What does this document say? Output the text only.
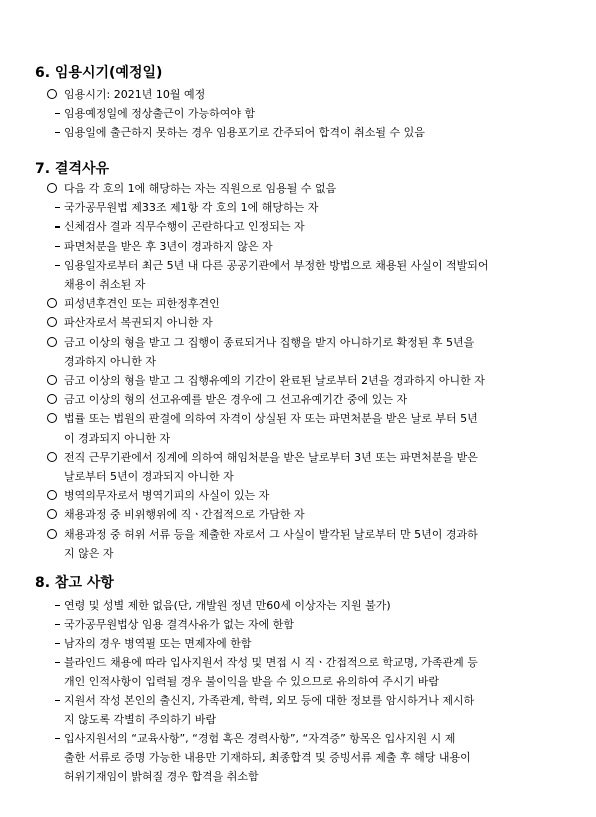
6. 임용시기(예정일)
임용시기: 2021년 10월 예정
임용예정일에 정상출근이 가능하여야 함
임용일에 출근하지 못하는 경우 임용포기로 간주되어 합격이 취소될 수 있음
7. 결격사유
다음 각 호의 1에 해당하는 자는 직원으로 임용될 수 없음
국가공무원법 제33조 제1항 각 호의 1에 해당하는 자
신체검사 결과 직무수행이 곤란하다고 인정되는 자
파면처분을 받은 후 3년이 경과하지 않은 자
임용일자로부터 최근 5년 내 다른 공공기관에서 부정한 방법으로 채용된 사실이 적발되어
채용이 취소된 자
피성년후견인 또는 피한정후견인
파산자로서 복권되지 아니한 자
금고 이상의 형을 받고 그 집행이 종료되거나 집행을 받지 아니하기로 확정된 후 5년을
경과하지 아니한 자
금고 이상의 형을 받고 그 집행유예의 기간이 완료된 날로부터 2년을 경과하지 아니한 자
금고 이상의 형의 선고유예를 받은 경우에 그 선고유예기간 중에 있는 자
법률 또는 법원의 판결에 의하여 자격이 상실된 자 또는 파면처분을 받은 날로 부터 5년
이 경과되지 아니한 자
전직 근무기관에서 징계에 의하여 해임처분을 받은 날로부터 3년 또는 파면처분을 받은
날로부터 5년이 경과되지 아니한 자
병역의무자로서 병역기피의 사실이 있는 자
채용과정 중 비위행위에 직ㆍ간접적으로 가담한 자
채용과정 중 허위 서류 등을 제출한 자로서 그 사실이 발각된 날로부터 만 5년이 경과하
지 않은 자
8. 참고 사항
연령 및 성별 제한 없음(단, 개발원 정년 만60세 이상자는 지원 불가)
국가공무원법상 임용 결격사유가 없는 자에 한함
남자의 경우 병역필 또는 면제자에 한함
블라인드 채용에 따라 입사지원서 작성 및 면접 시 직ㆍ간접적으로 학교명, 가족관계 등
개인 인적사항이 입력될 경우 불이익을 받을 수 있으므로 유의하여 주시기 바람
지원서 작성 본인의 출신지, 가족관계, 학력, 외모 등에 대한 정보를 암시하거나 제시하
지 않도록 각별히 주의하기 바람
입사지원서의 “교육사항”, “경험 혹은 경력사항”, “자격증” 항목은 입사지원 시 제
출한 서류로 증명 가능한 내용만 기재하되, 최종합격 및 증빙서류 제출 후 해당 내용이
허위기재임이 밝혀질 경우 합격을 취소함
